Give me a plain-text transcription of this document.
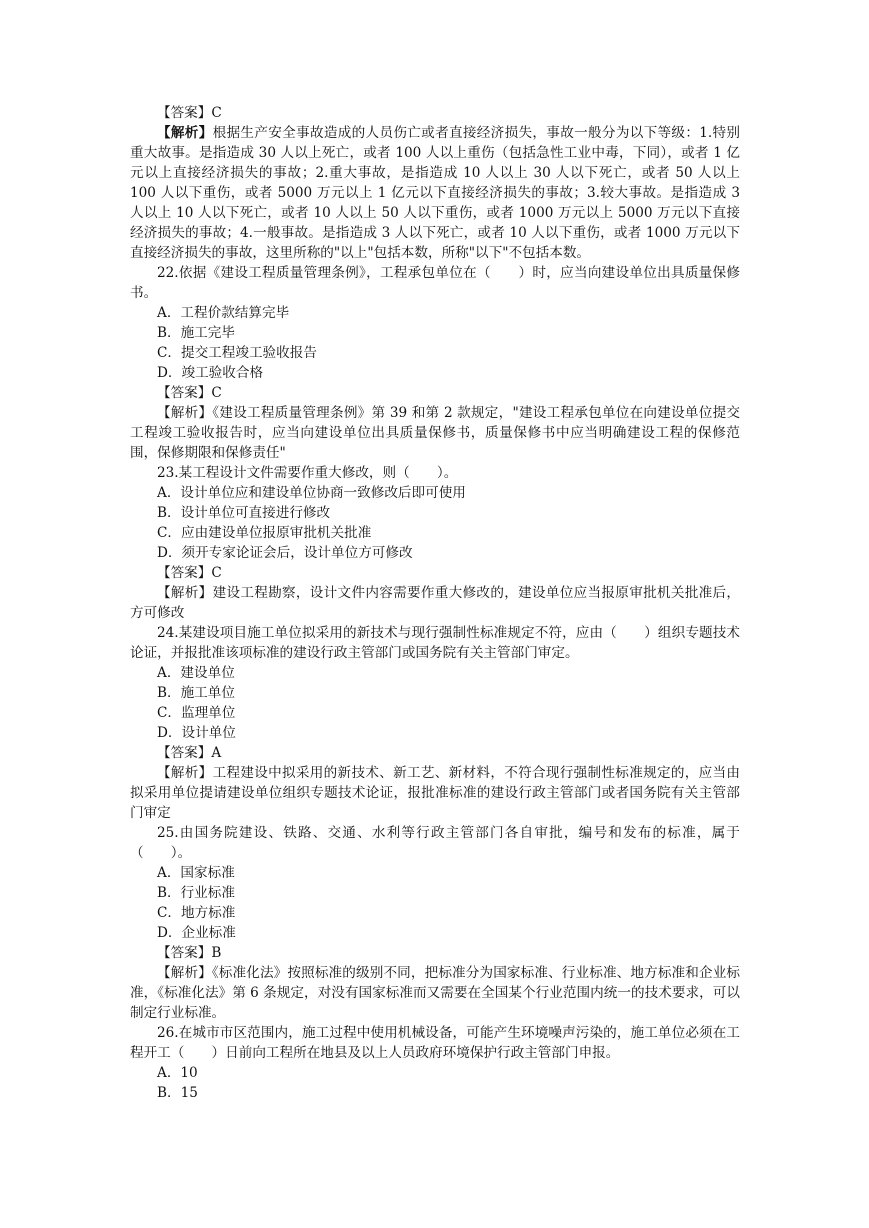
【答案】C

【解析】根据生产安全事故造成的人员伤亡或者直接经济损失，事故一般分为以下等级：1.特别重大故事。是指造成 30 人以上死亡，或者 100 人以上重伤（包括急性工业中毒，下同），或者 1 亿元以上直接经济损失的事故；2.重大事故，是指造成 10 人以上 30 人以下死亡，或者 50 人以上 100 人以下重伤，或者 5000 万元以上 1 亿元以下直接经济损失的事故；3.较大事故。是指造成 3 人以上 10 人以下死亡，或者 10 人以上 50 人以下重伤，或者 1000 万元以上 5000 万元以下直接经济损失的事故；4.一般事故。是指造成 3 人以下死亡，或者 10 人以下重伤，或者 1000 万元以下直接经济损失的事故，这里所称的"以上"包括本数，所称"以下"不包括本数。

22.依据《建设工程质量管理条例》，工程承包单位在（　　）时，应当向建设单位出具质量保修书。

A．工程价款结算完毕

B．施工完毕

C．提交工程竣工验收报告

D．竣工验收合格

【答案】C

【解析】《建设工程质量管理条例》第 39 和第 2 款规定，"建设工程承包单位在向建设单位提交工程竣工验收报告时，应当向建设单位出具质量保修书，质量保修书中应当明确建设工程的保修范围，保修期限和保修责任"

23.某工程设计文件需要作重大修改，则（　　）。

A．设计单位应和建设单位协商一致修改后即可使用

B．设计单位可直接进行修改

C．应由建设单位报原审批机关批准

D．须开专家论证会后，设计单位方可修改

【答案】C

【解析】建设工程勘察，设计文件内容需要作重大修改的，建设单位应当报原审批机关批准后，方可修改

24.某建设项目施工单位拟采用的新技术与现行强制性标准规定不符，应由（　　）组织专题技术论证，并报批准该项标准的建设行政主管部门或国务院有关主管部门审定。

A．建设单位

B．施工单位

C．监理单位

D．设计单位

【答案】A

【解析】工程建设中拟采用的新技术、新工艺、新材料，不符合现行强制性标准规定的，应当由拟采用单位提请建设单位组织专题技术论证，报批准标准的建设行政主管部门或者国务院有关主管部门审定

25.由国务院建设、铁路、交通、水利等行政主管部门各自审批，编号和发布的标准，属于（　　）。

A．国家标准

B．行业标准

C．地方标准

D．企业标准

【答案】B

【解析】《标准化法》按照标准的级别不同，把标准分为国家标准、行业标准、地方标准和企业标准，《标准化法》第 6 条规定，对没有国家标准而又需要在全国某个行业范围内统一的技术要求，可以制定行业标准。

26.在城市市区范围内，施工过程中使用机械设备，可能产生环境噪声污染的，施工单位必须在工程开工（　　）日前向工程所在地县及以上人员政府环境保护行政主管部门申报。

A．10

B．15
